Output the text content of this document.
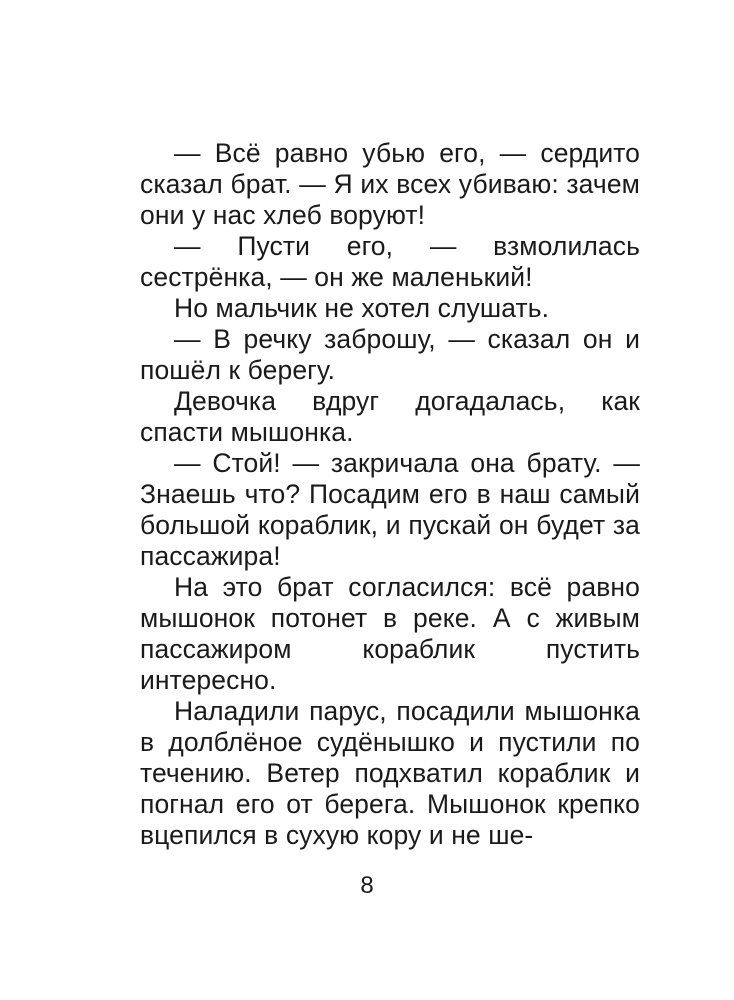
— Всё равно убью его, — сердито сказал брат. — Я их всех убиваю: зачем они у нас хлеб воруют!

— Пусти его, — взмолилась сестрёнка, — он же маленький!

Но мальчик не хотел слушать.

— В речку заброшу, — сказал он и пошёл к берегу.

Девочка вдруг догадалась, как спасти мышонка.

— Стой! — закричала она брату. — Знаешь что? Посадим его в наш самый большой кораблик, и пускай он будет за пассажира!

На это брат согласился: всё равно мышонок потонет в реке. А с живым пассажиром кораблик пустить интересно.

Наладили парус, посадили мышонка в долблёное судёнышко и пустили по течению. Ветер подхватил кораблик и погнал его от берега. Мышонок крепко вцепился в сухую кору и не ше-

8
